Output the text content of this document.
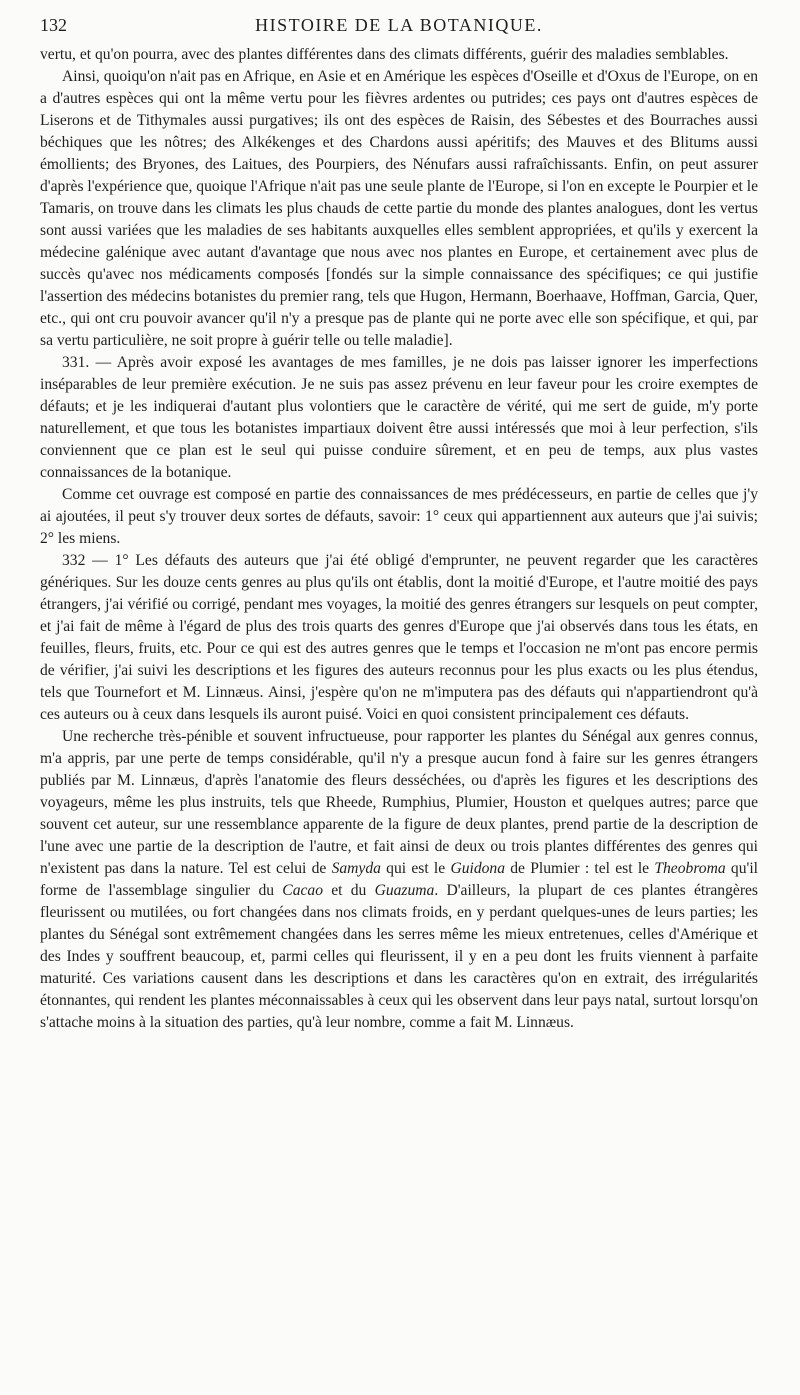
132	HISTOIRE DE LA BOTANIQUE.

vertu, et qu'on pourra, avec des plantes différentes dans des climats différents, guérir des maladies semblables.

Ainsi, quoiqu'on n'ait pas en Afrique, en Asie et en Amérique les espèces d'Oseille et d'Oxus de l'Europe, on en a d'autres espèces qui ont la même vertu pour les fièvres ardentes ou putrides; ces pays ont d'autres espèces de Liserons et de Tithymales aussi purgatives; ils ont des espèces de Raisin, des Sébestes et des Bourraches aussi béchiques que les nôtres; des Alkékenges et des Chardons aussi apéritifs; des Mauves et des Blitums aussi émollients; des Bryones, des Laitues, des Pourpiers, des Nénufars aussi rafraîchissants. Enfin, on peut assurer d'après l'expérience que, quoique l'Afrique n'ait pas une seule plante de l'Europe, si l'on en excepte le Pourpier et le Tamaris, on trouve dans les climats les plus chauds de cette partie du monde des plantes analogues, dont les vertus sont aussi variées que les maladies de ses habitants auxquelles elles semblent appropriées, et qu'ils y exercent la médecine galénique avec autant d'avantage que nous avec nos plantes en Europe, et certainement avec plus de succès qu'avec nos médicaments composés [fondés sur la simple connaissance des spécifiques; ce qui justifie l'assertion des médecins botanistes du premier rang, tels que Hugon, Hermann, Boerhaave, Hoffman, Garcia, Quer, etc., qui ont cru pouvoir avancer qu'il n'y a presque pas de plante qui ne porte avec elle son spécifique, et qui, par sa vertu particulière, ne soit propre à guérir telle ou telle maladie].

331. — Après avoir exposé les avantages de mes familles, je ne dois pas laisser ignorer les imperfections inséparables de leur première exécution. Je ne suis pas assez prévenu en leur faveur pour les croire exemptes de défauts; et je les indiquerai d'autant plus volontiers que le caractère de vérité, qui me sert de guide, m'y porte naturellement, et que tous les botanistes impartiaux doivent être aussi intéressés que moi à leur perfection, s'ils conviennent que ce plan est le seul qui puisse conduire sûrement, et en peu de temps, aux plus vastes connaissances de la botanique.

Comme cet ouvrage est composé en partie des connaissances de mes prédécesseurs, en partie de celles que j'y ai ajoutées, il peut s'y trouver deux sortes de défauts, savoir: 1° ceux qui appartiennent aux auteurs que j'ai suivis; 2° les miens.

332 — 1° Les défauts des auteurs que j'ai été obligé d'emprunter, ne peuvent regarder que les caractères génériques. Sur les douze cents genres au plus qu'ils ont établis, dont la moitié d'Europe, et l'autre moitié des pays étrangers, j'ai vérifié ou corrigé, pendant mes voyages, la moitié des genres étrangers sur lesquels on peut compter, et j'ai fait de même à l'égard de plus des trois quarts des genres d'Europe que j'ai observés dans tous les états, en feuilles, fleurs, fruits, etc. Pour ce qui est des autres genres que le temps et l'occasion ne m'ont pas encore permis de vérifier, j'ai suivi les descriptions et les figures des auteurs reconnus pour les plus exacts ou les plus étendus, tels que Tournefort et M. Linnæus. Ainsi, j'espère qu'on ne m'imputera pas des défauts qui n'appartiendront qu'à ces auteurs ou à ceux dans lesquels ils auront puisé. Voici en quoi consistent principalement ces défauts.

Une recherche très-pénible et souvent infructueuse, pour rapporter les plantes du Sénégal aux genres connus, m'a appris, par une perte de temps considérable, qu'il n'y a presque aucun fond à faire sur les genres étrangers publiés par M. Linnæus, d'après l'anatomie des fleurs desséchées, ou d'après les figures et les descriptions des voyageurs, même les plus instruits, tels que Rheede, Rumphius, Plumier, Houston et quelques autres; parce que souvent cet auteur, sur une ressemblance apparente de la figure de deux plantes, prend partie de la description de l'une avec une partie de la description de l'autre, et fait ainsi de deux ou trois plantes différentes des genres qui n'existent pas dans la nature. Tel est celui de Samyda qui est le Guidona de Plumier : tel est le Theobroma qu'il forme de l'assemblage singulier du Cacao et du Guazuma. D'ailleurs, la plupart de ces plantes étrangères fleurissent ou mutilées, ou fort changées dans nos climats froids, en y perdant quelques-unes de leurs parties; les plantes du Sénégal sont extrêmement changées dans les serres même les mieux entretenues, celles d'Amérique et des Indes y souffrent beaucoup, et, parmi celles qui fleurissent, il y en a peu dont les fruits viennent à parfaite maturité. Ces variations causent dans les descriptions et dans les caractères qu'on en extrait, des irrégularités étonnantes, qui rendent les plantes méconnaissables à ceux qui les observent dans leur pays natal, surtout lorsqu'on s'attache moins à la situation des parties, qu'à leur nombre, comme a fait M. Linnæus.
